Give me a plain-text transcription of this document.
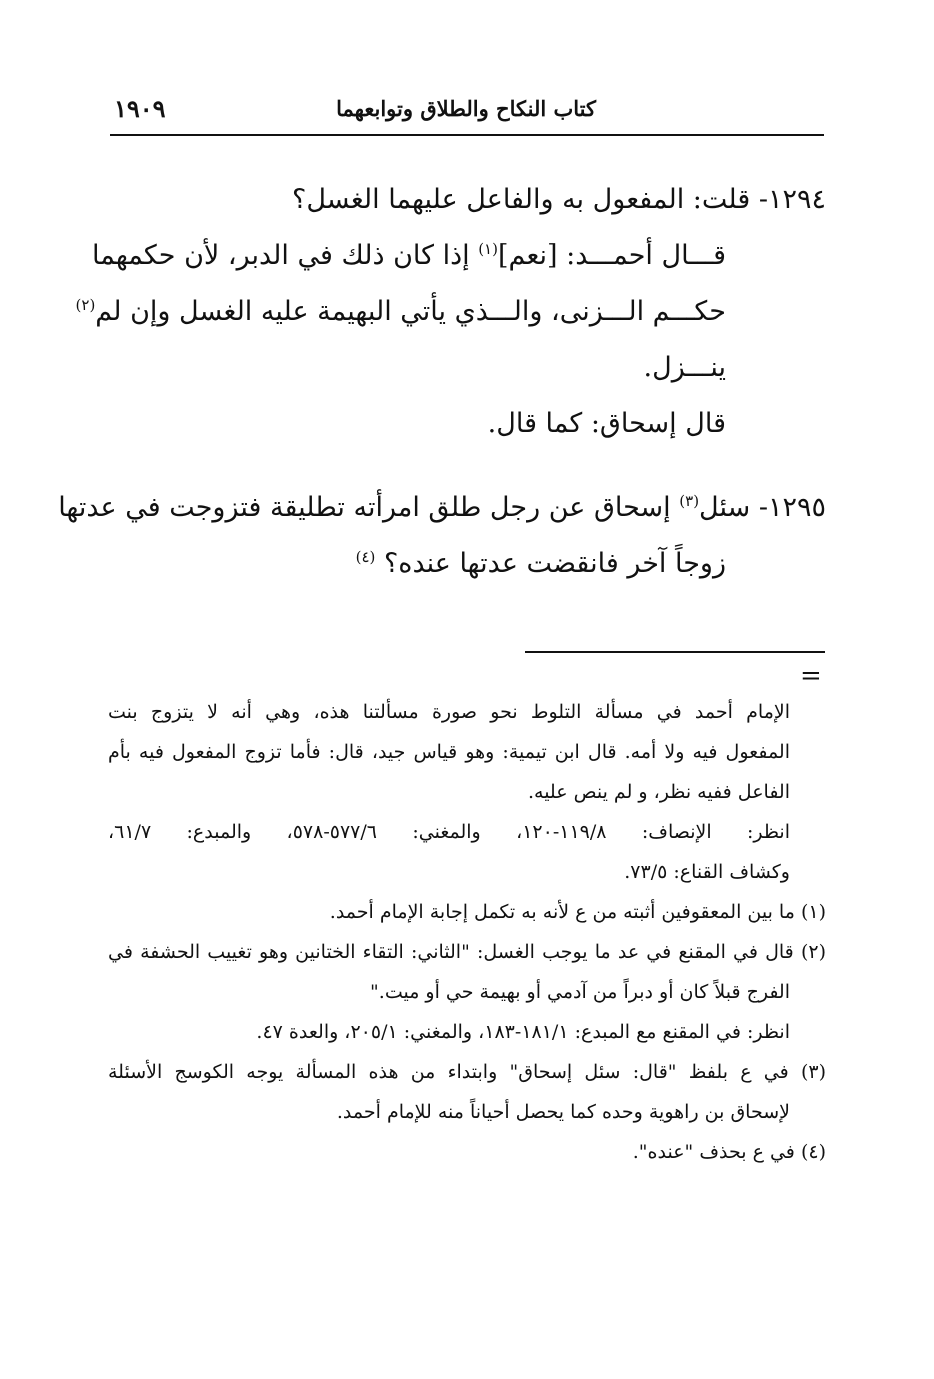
كتاب النكاح والطلاق وتوابعهما
١٩٠٩
١٢٩٤- قلت: المفعول به والفاعل عليهما الغسل؟
قـــال أحمـــد: [نعم]$^{(١)}$ إذا كان ذلك في الدبر، لأن حكمهما
حكـــم الـــزنى، والـــذي يأتي البهيمة عليه الغسل وإن لم$^{(٢)}$
ينـــزل.
قال إسحاق: كما قال.
١٢٩٥- سئل$^{(٣)}$ إسحاق عن رجل طلق امرأته تطليقة فتزوجت في عدتها
زوجاً آخر فانقضت عدتها عنده؟ $^{(٤)}$
=

الإمام أحمد في مسألة التلوط نحو صورة مسألتنا هذه، وهي أنه لا يتزوج بنت

المفعول فيه ولا أمه. قال ابن تيمية: وهو قياس جيد، قال: فأما تزوج المفعول فيه بأم

الفاعل ففيه نظر، و لم ينص عليه.

انظر: الإنصاف: ١١٩/٨-١٢٠، والمغني: ٥٧٧/٦-٥٧٨، والمبدع: ٦١/٧،

وكشاف القناع: ٧٣/٥.

(١) ما بين المعقوفين أثبته من ع لأنه به تكمل إجابة الإمام أحمد.

(٢) قال في المقنع في عد ما يوجب الغسل: "الثاني: التقاء الختانين وهو تغييب الحشفة في

الفرج قبلاً كان أو دبراً من آدمي أو بهيمة حي أو ميت."

انظر: في المقنع مع المبدع: ١٨١/١-١٨٣، والمغني: ٢٠٥/١، والعدة ٤٧.

(٣) في ع بلفظ "قال: سئل إسحاق" وابتداء من هذه المسألة يوجه الكوسج الأسئلة

لإسحاق بن راهوية وحده كما يحصل أحياناً منه للإمام أحمد.

(٤) في ع بحذف "عنده".
